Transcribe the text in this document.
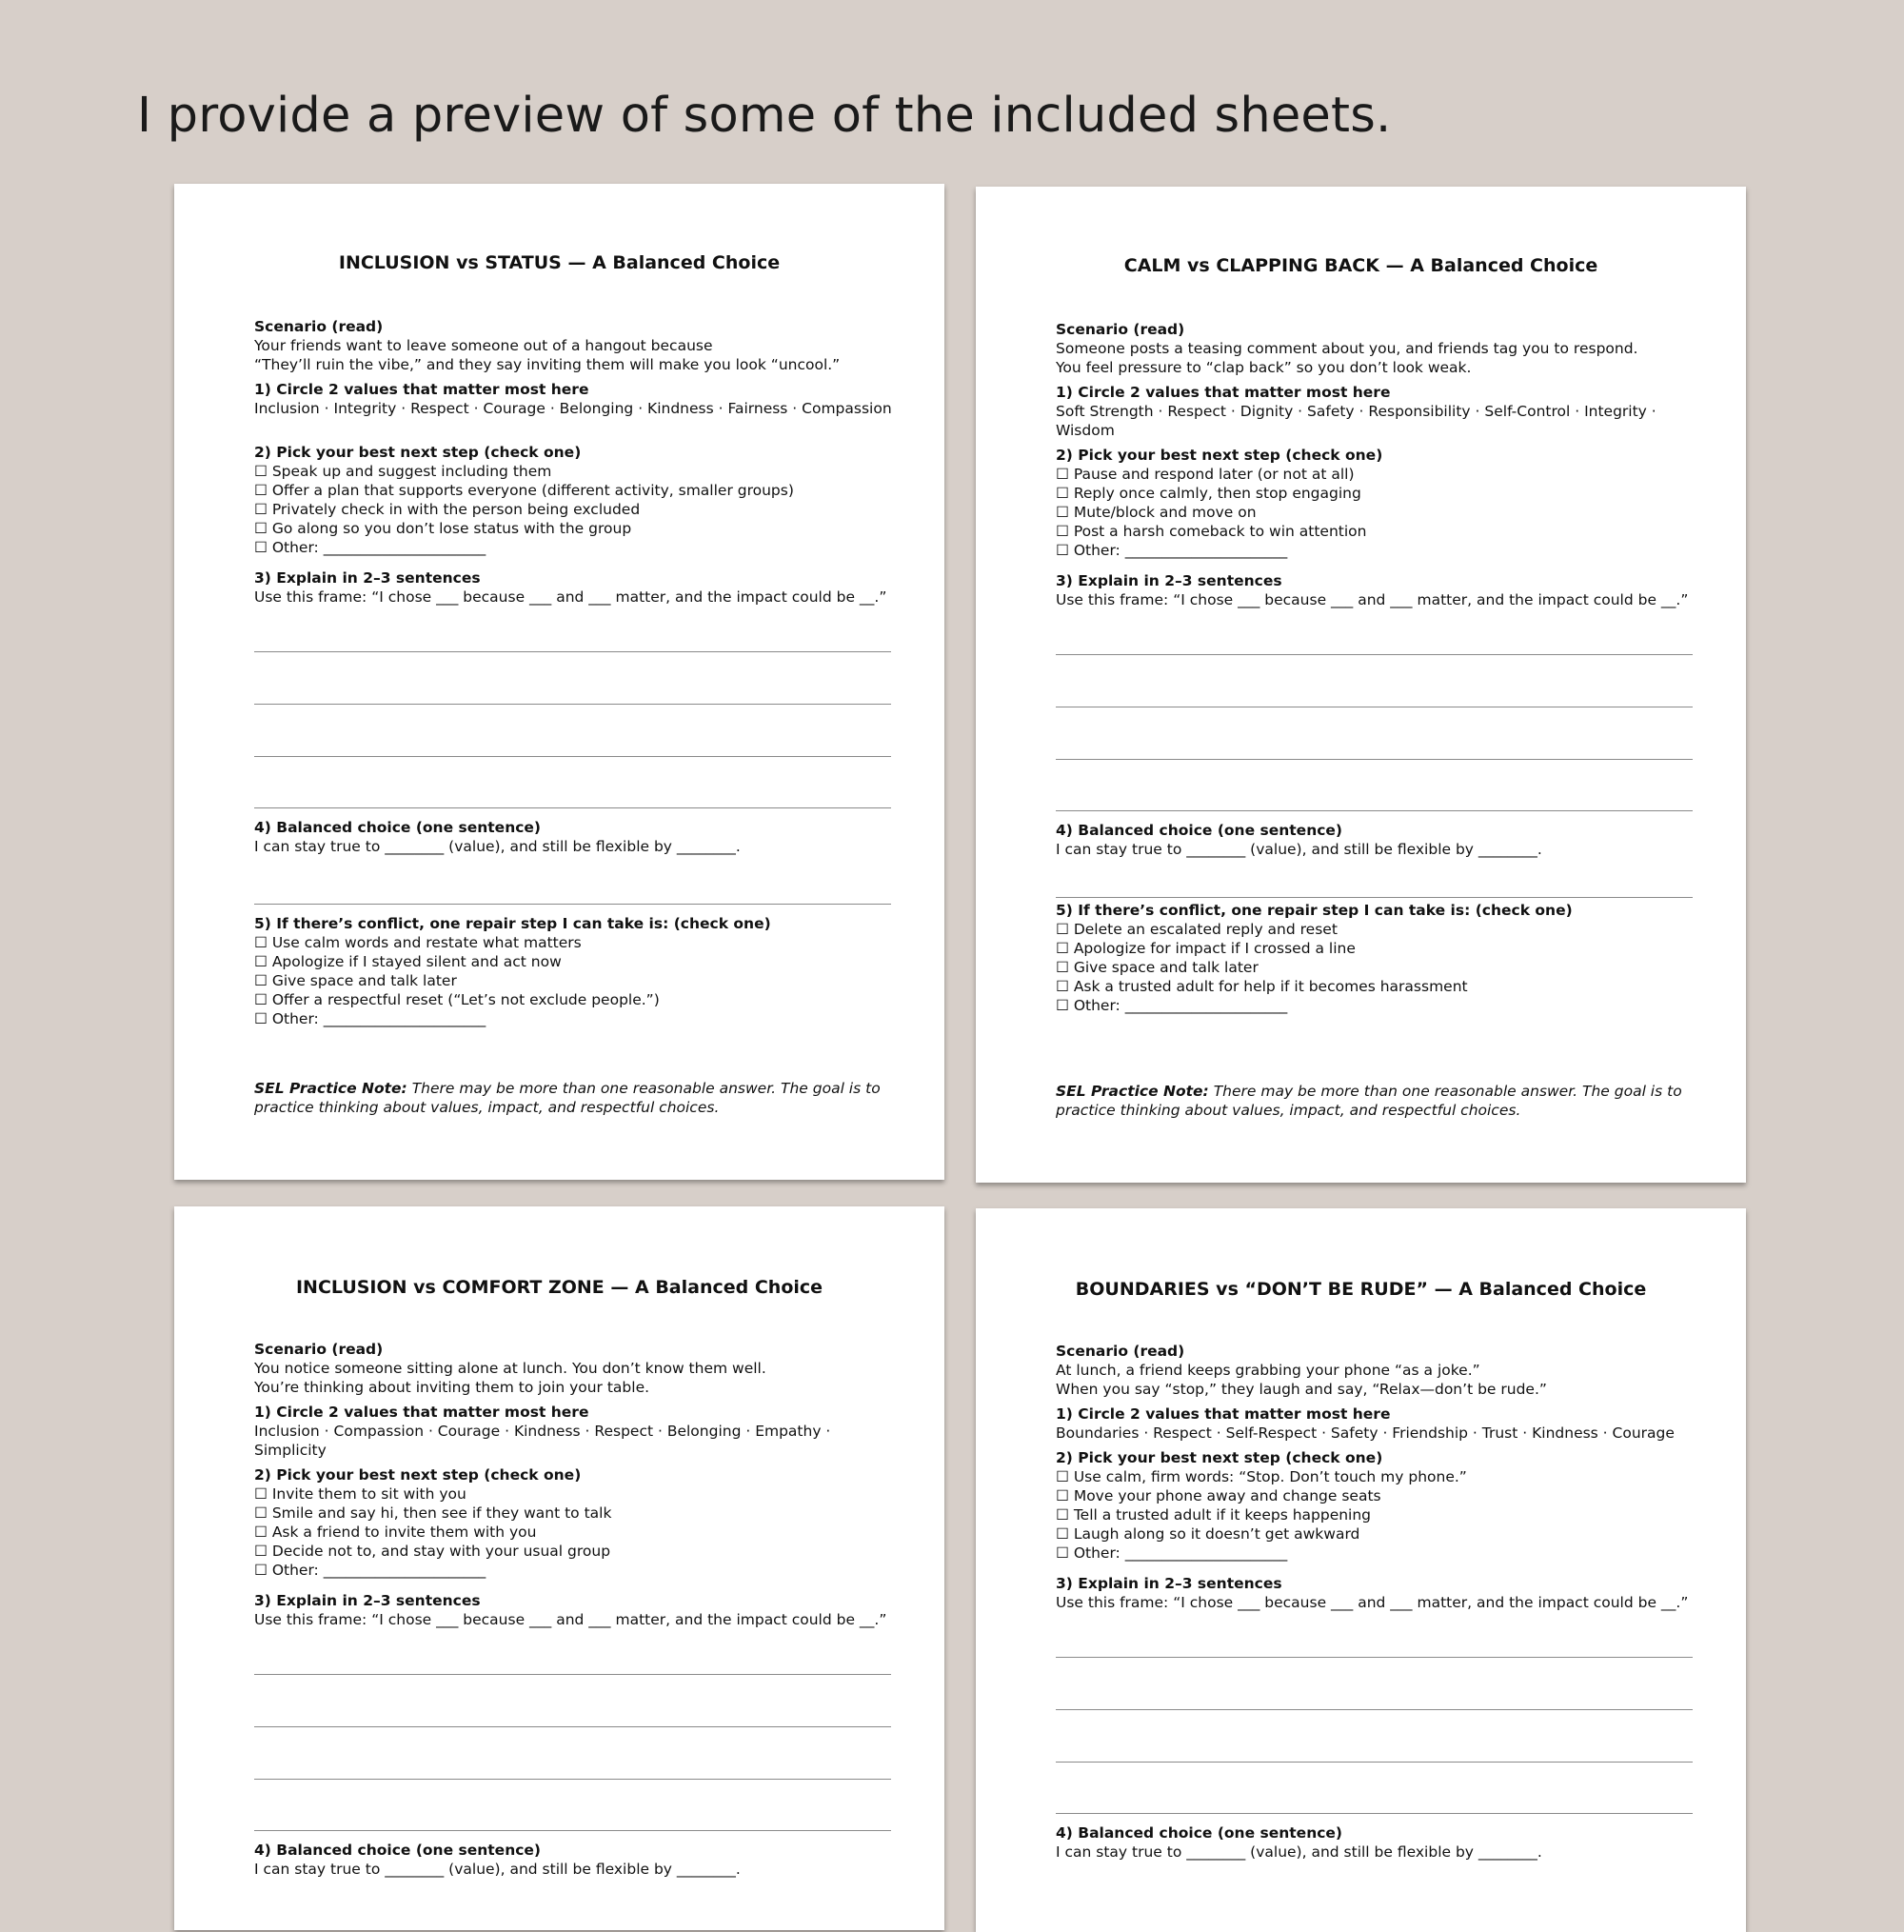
I provide a preview of some of the included sheets.
INCLUSION vs STATUS — A Balanced Choice
Scenario (read)
Your friends want to leave someone out of a hangout because
“They’ll ruin the vibe,” and they say inviting them will make you look “uncool.”
1) Circle 2 values that matter most here
Inclusion · Integrity · Respect · Courage · Belonging · Kindness · Fairness · Compassion
2) Pick your best next step (check one)
☐ Speak up and suggest including them
☐ Offer a plan that supports everyone (different activity, smaller groups)
☐ Privately check in with the person being excluded
☐ Go along so you don’t lose status with the group
☐ Other: ______________________
3) Explain in 2–3 sentences
Use this frame: “I chose ___ because ___ and ___ matter, and the impact could be __.”
4) Balanced choice (one sentence)
I can stay true to ________ (value), and still be flexible by ________.
5) If there’s conflict, one repair step I can take is: (check one)
☐ Use calm words and restate what matters
☐ Apologize if I stayed silent and act now
☐ Give space and talk later
☐ Offer a respectful reset (“Let’s not exclude people.”)
☐ Other: ______________________
SEL Practice Note: There may be more than one reasonable answer. The goal is to practice thinking about values, impact, and respectful choices.
CALM vs CLAPPING BACK — A Balanced Choice
Scenario (read)
Someone posts a teasing comment about you, and friends tag you to respond.
You feel pressure to “clap back” so you don’t look weak.
1) Circle 2 values that matter most here
Soft Strength · Respect · Dignity · Safety · Responsibility · Self-Control · Integrity · Wisdom
2) Pick your best next step (check one)
☐ Pause and respond later (or not at all)
☐ Reply once calmly, then stop engaging
☐ Mute/block and move on
☐ Post a harsh comeback to win attention
☐ Other: ______________________
3) Explain in 2–3 sentences
Use this frame: “I chose ___ because ___ and ___ matter, and the impact could be __.”
4) Balanced choice (one sentence)
I can stay true to ________ (value), and still be flexible by ________.
5) If there’s conflict, one repair step I can take is: (check one)
☐ Delete an escalated reply and reset
☐ Apologize for impact if I crossed a line
☐ Give space and talk later
☐ Ask a trusted adult for help if it becomes harassment
☐ Other: ______________________
SEL Practice Note: There may be more than one reasonable answer. The goal is to practice thinking about values, impact, and respectful choices.
INCLUSION vs COMFORT ZONE — A Balanced Choice
Scenario (read)
You notice someone sitting alone at lunch. You don’t know them well.
You’re thinking about inviting them to join your table.
1) Circle 2 values that matter most here
Inclusion · Compassion · Courage · Kindness · Respect · Belonging · Empathy · Simplicity
2) Pick your best next step (check one)
☐ Invite them to sit with you
☐ Smile and say hi, then see if they want to talk
☐ Ask a friend to invite them with you
☐ Decide not to, and stay with your usual group
☐ Other: ______________________
3) Explain in 2–3 sentences
Use this frame: “I chose ___ because ___ and ___ matter, and the impact could be __.”
4) Balanced choice (one sentence)
I can stay true to ________ (value), and still be flexible by ________.
BOUNDARIES vs “DON’T BE RUDE” — A Balanced Choice
Scenario (read)
At lunch, a friend keeps grabbing your phone “as a joke.”
When you say “stop,” they laugh and say, “Relax—don’t be rude.”
1) Circle 2 values that matter most here
Boundaries · Respect · Self-Respect · Safety · Friendship · Trust · Kindness · Courage
2) Pick your best next step (check one)
☐ Use calm, firm words: “Stop. Don’t touch my phone.”
☐ Move your phone away and change seats
☐ Tell a trusted adult if it keeps happening
☐ Laugh along so it doesn’t get awkward
☐ Other: ______________________
3) Explain in 2–3 sentences
Use this frame: “I chose ___ because ___ and ___ matter, and the impact could be __.”
4) Balanced choice (one sentence)
I can stay true to ________ (value), and still be flexible by ________.
